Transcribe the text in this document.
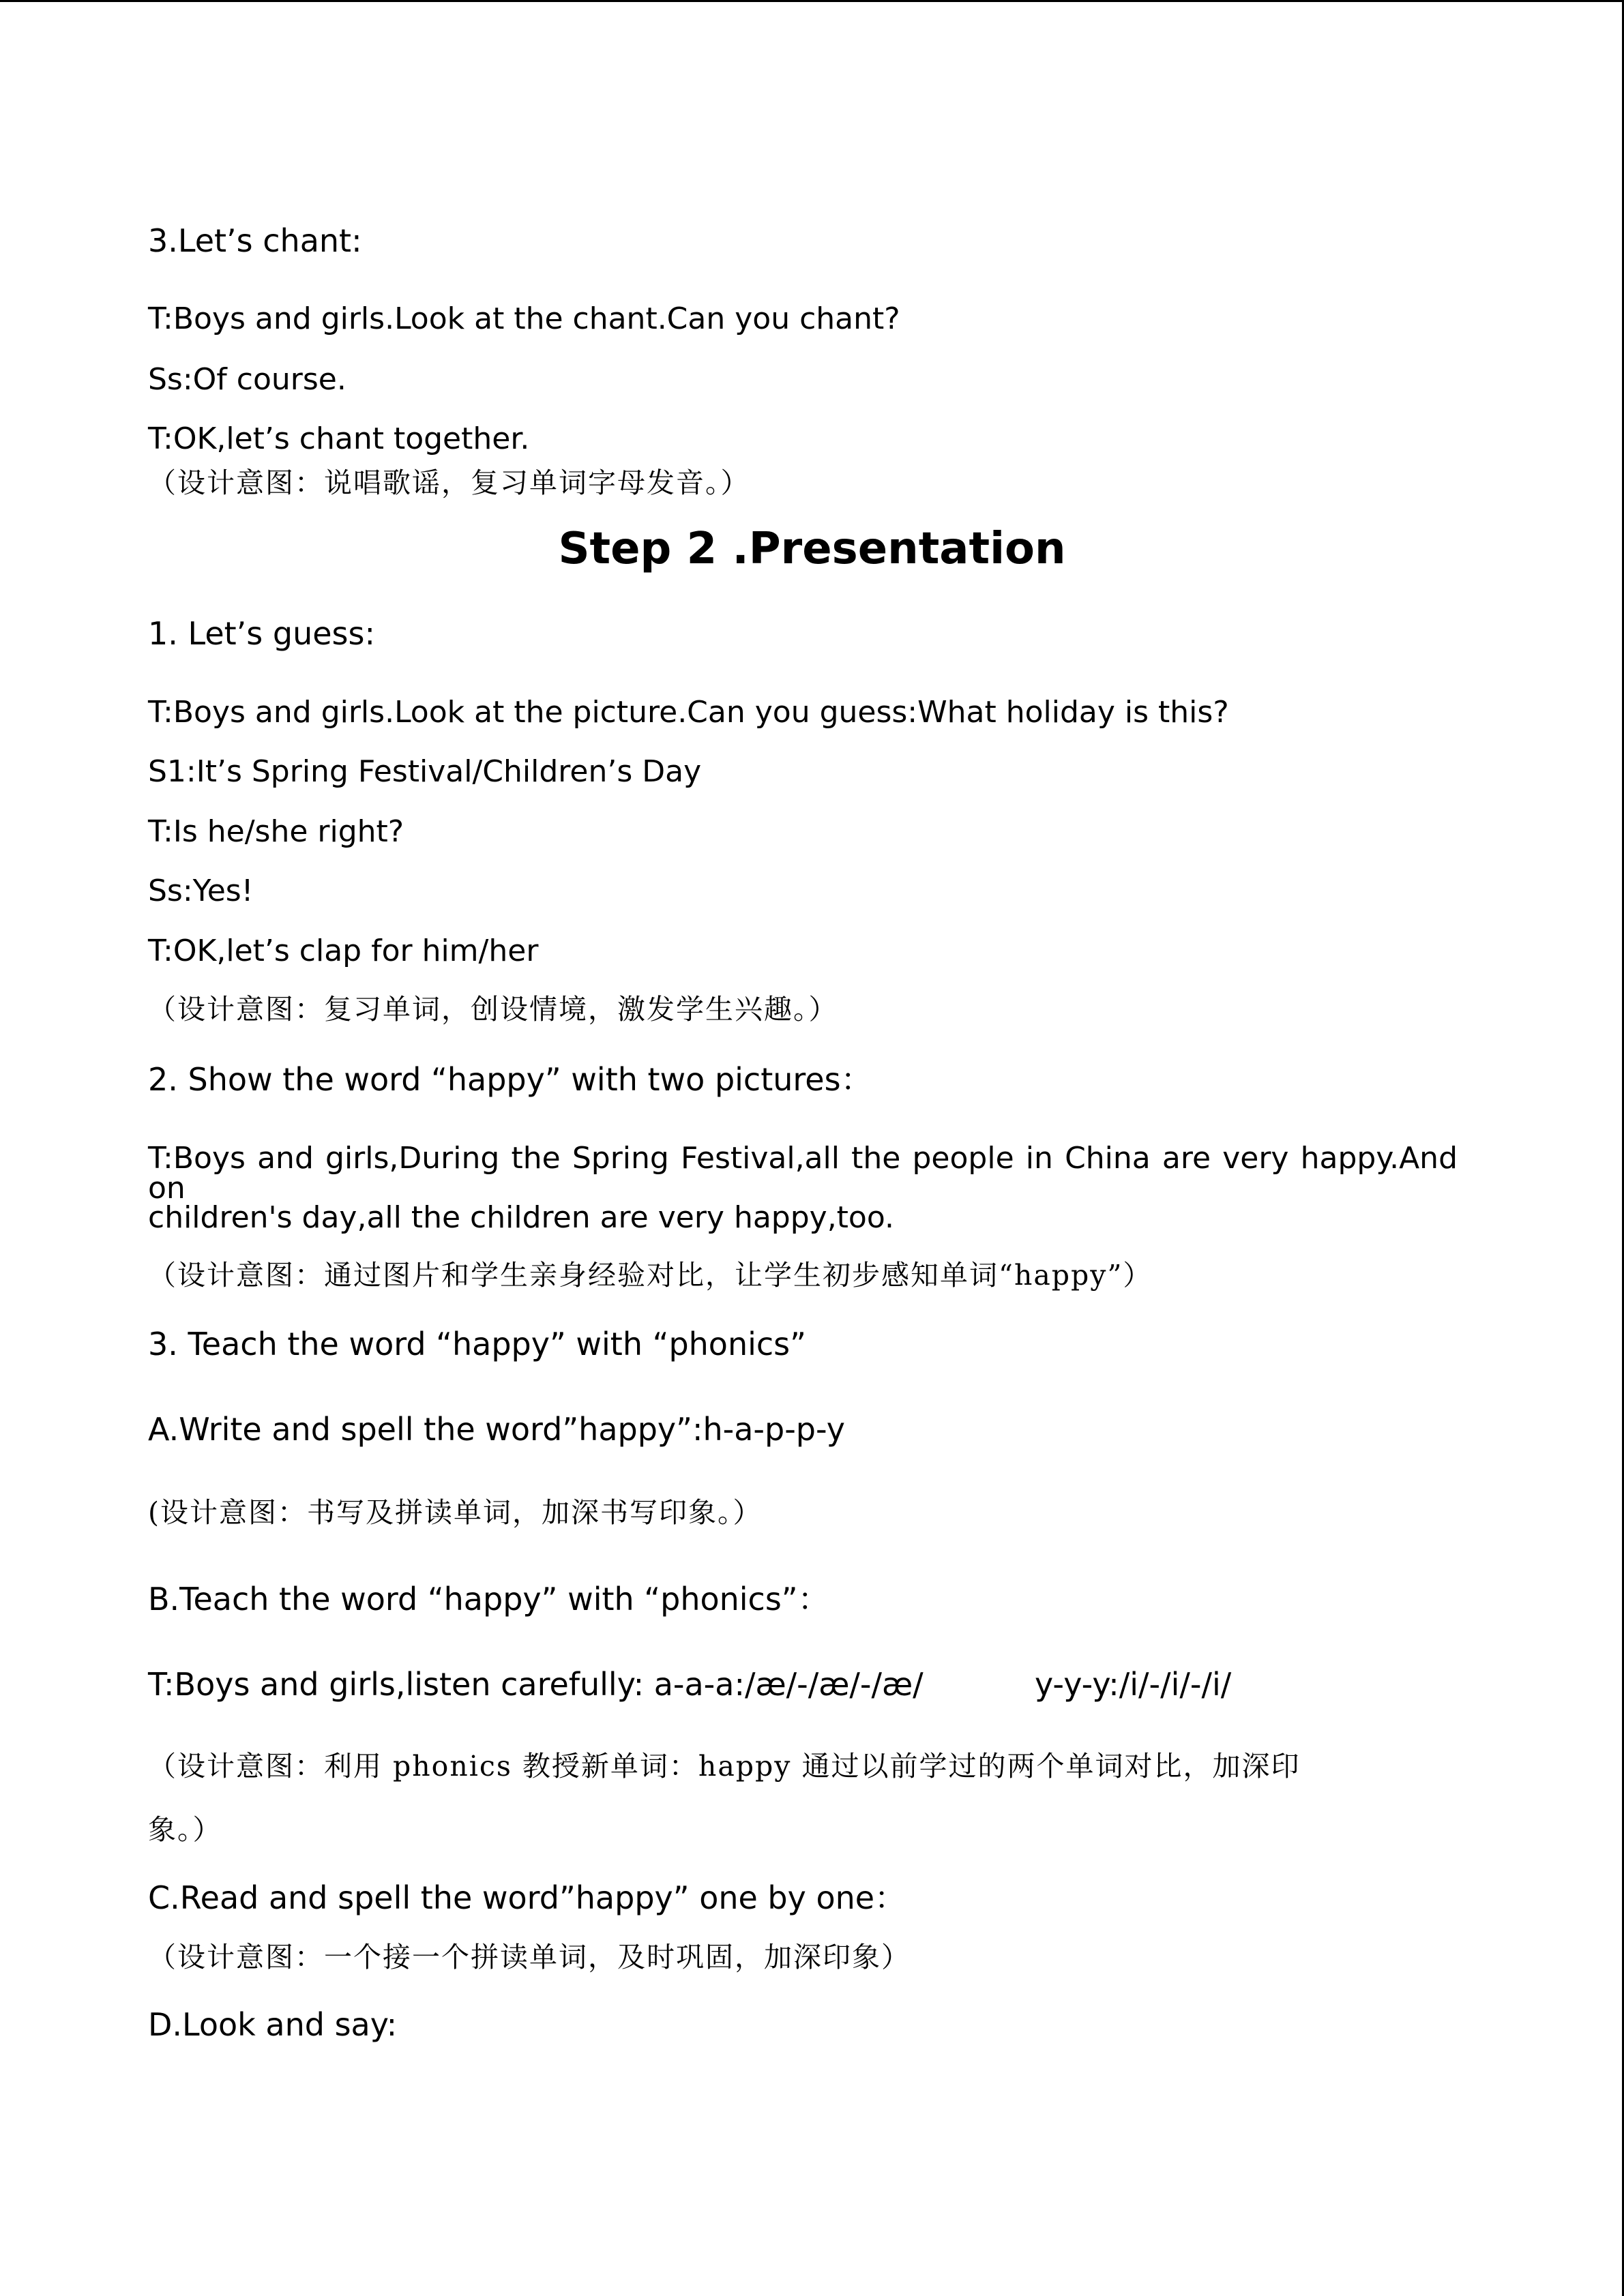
3.Let’s chant:
T:Boys and girls.Look at the chant.Can you chant?
Ss:Of course.
T:OK,let’s chant together.
（设计意图：说唱歌谣，复习单词字母发音。）
Step 2 .Presentation
1. Let’s guess:
T:Boys and girls.Look at the picture.Can you guess:What holiday is this?
S1:It’s Spring Festival/Children’s Day
T:Is he/she right?
Ss:Yes!
T:OK,let’s clap for him/her
（设计意图：复习单词，创设情境，激发学生兴趣。）
2. Show the word “happy” with two pictures：
T:Boys and girls,During the Spring Festival,all the people in China are very happy.And on
children's day,all the children are very happy,too.
（设计意图：通过图片和学生亲身经验对比，让学生初步感知单词“happy”）
3. Teach the word “happy” with “phonics”
A.Write and spell the word”happy”:h-a-p-p-y
(设计意图：书写及拼读单词，加深书写印象。）
B.Teach the word “happy” with “phonics”：
T:Boys and girls,listen carefully: a-a-a:/æ/-/æ/-/æ/	y-y-y:/i/-/i/-/i/
（设计意图：利用 phonics 教授新单词：happy 通过以前学过的两个单词对比，加深印
象。）
C.Read and spell the word”happy” one by one：
（设计意图：一个接一个拼读单词，及时巩固，加深印象）
D.Look and say:
